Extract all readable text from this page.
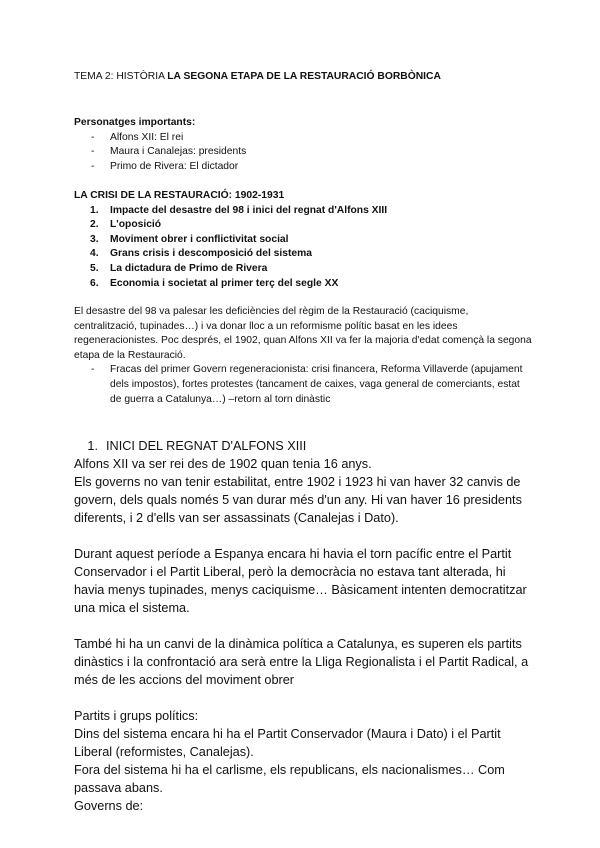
TEMA 2: HISTÒRIA LA SEGONA ETAPA DE LA RESTAURACIÓ BORBÒNICA
Personatges importants:
- Alfons XII: El rei
- Maura i Canalejas: presidents
- Primo de Rivera: El dictador
LA CRISI DE LA RESTAURACIÓ: 1902-1931
1. Impacte del desastre del 98 i inici del regnat d'Alfons XIII
2. L'oposició
3. Moviment obrer i conflictivitat social
4. Grans crisis i descomposició del sistema
5. La dictadura de Primo de Rivera
6. Economia i societat al primer terç del segle XX

El desastre del 98 va palesar les deficiències del règim de la Restauració (caciquisme, centralització, tupinades…) i va donar lloc a un reformisme polític basat en les idees regeneracionistes. Poc després, el 1902, quan Alfons XII va fer la majoria d'edat començà la segona etapa de la Restauració.

- Fracas del primer Govern regeneracionista: crisi financera, Reforma Villaverde (apujament dels impostos), fortes protestes (tancament de caixes, vaga general de comerciants, estat de guerra a Catalunya…) –retorn al torn dinàstic
1. INICI DEL REGNAT D'ALFONS XIII

Alfons XII va ser rei des de 1902 quan tenia 16 anys.

Els governs no van tenir estabilitat, entre 1902 i 1923 hi van haver 32 canvis de govern, dels quals només 5 van durar més d'un any. Hi van haver 16 presidents diferents, i 2 d'ells van ser assassinats (Canalejas i Dato).

Durant aquest període a Espanya encara hi havia el torn pacífic entre el Partit Conservador i el Partit Liberal, però la democràcia no estava tant alterada, hi havia menys tupinades, menys caciquisme… Bàsicament intenten democratitzar una mica el sistema.

També hi ha un canvi de la dinàmica política a Catalunya, es superen els partits dinàstics i la confrontació ara serà entre la Lliga Regionalista i el Partit Radical, a més de les accions del moviment obrer

Partits i grups polítics:

Dins del sistema encara hi ha el Partit Conservador (Maura i Dato) i el Partit Liberal (reformistes, Canalejas).

Fora del sistema hi ha el carlisme, els republicans, els nacionalismes… Com passava abans.

Governs de:
